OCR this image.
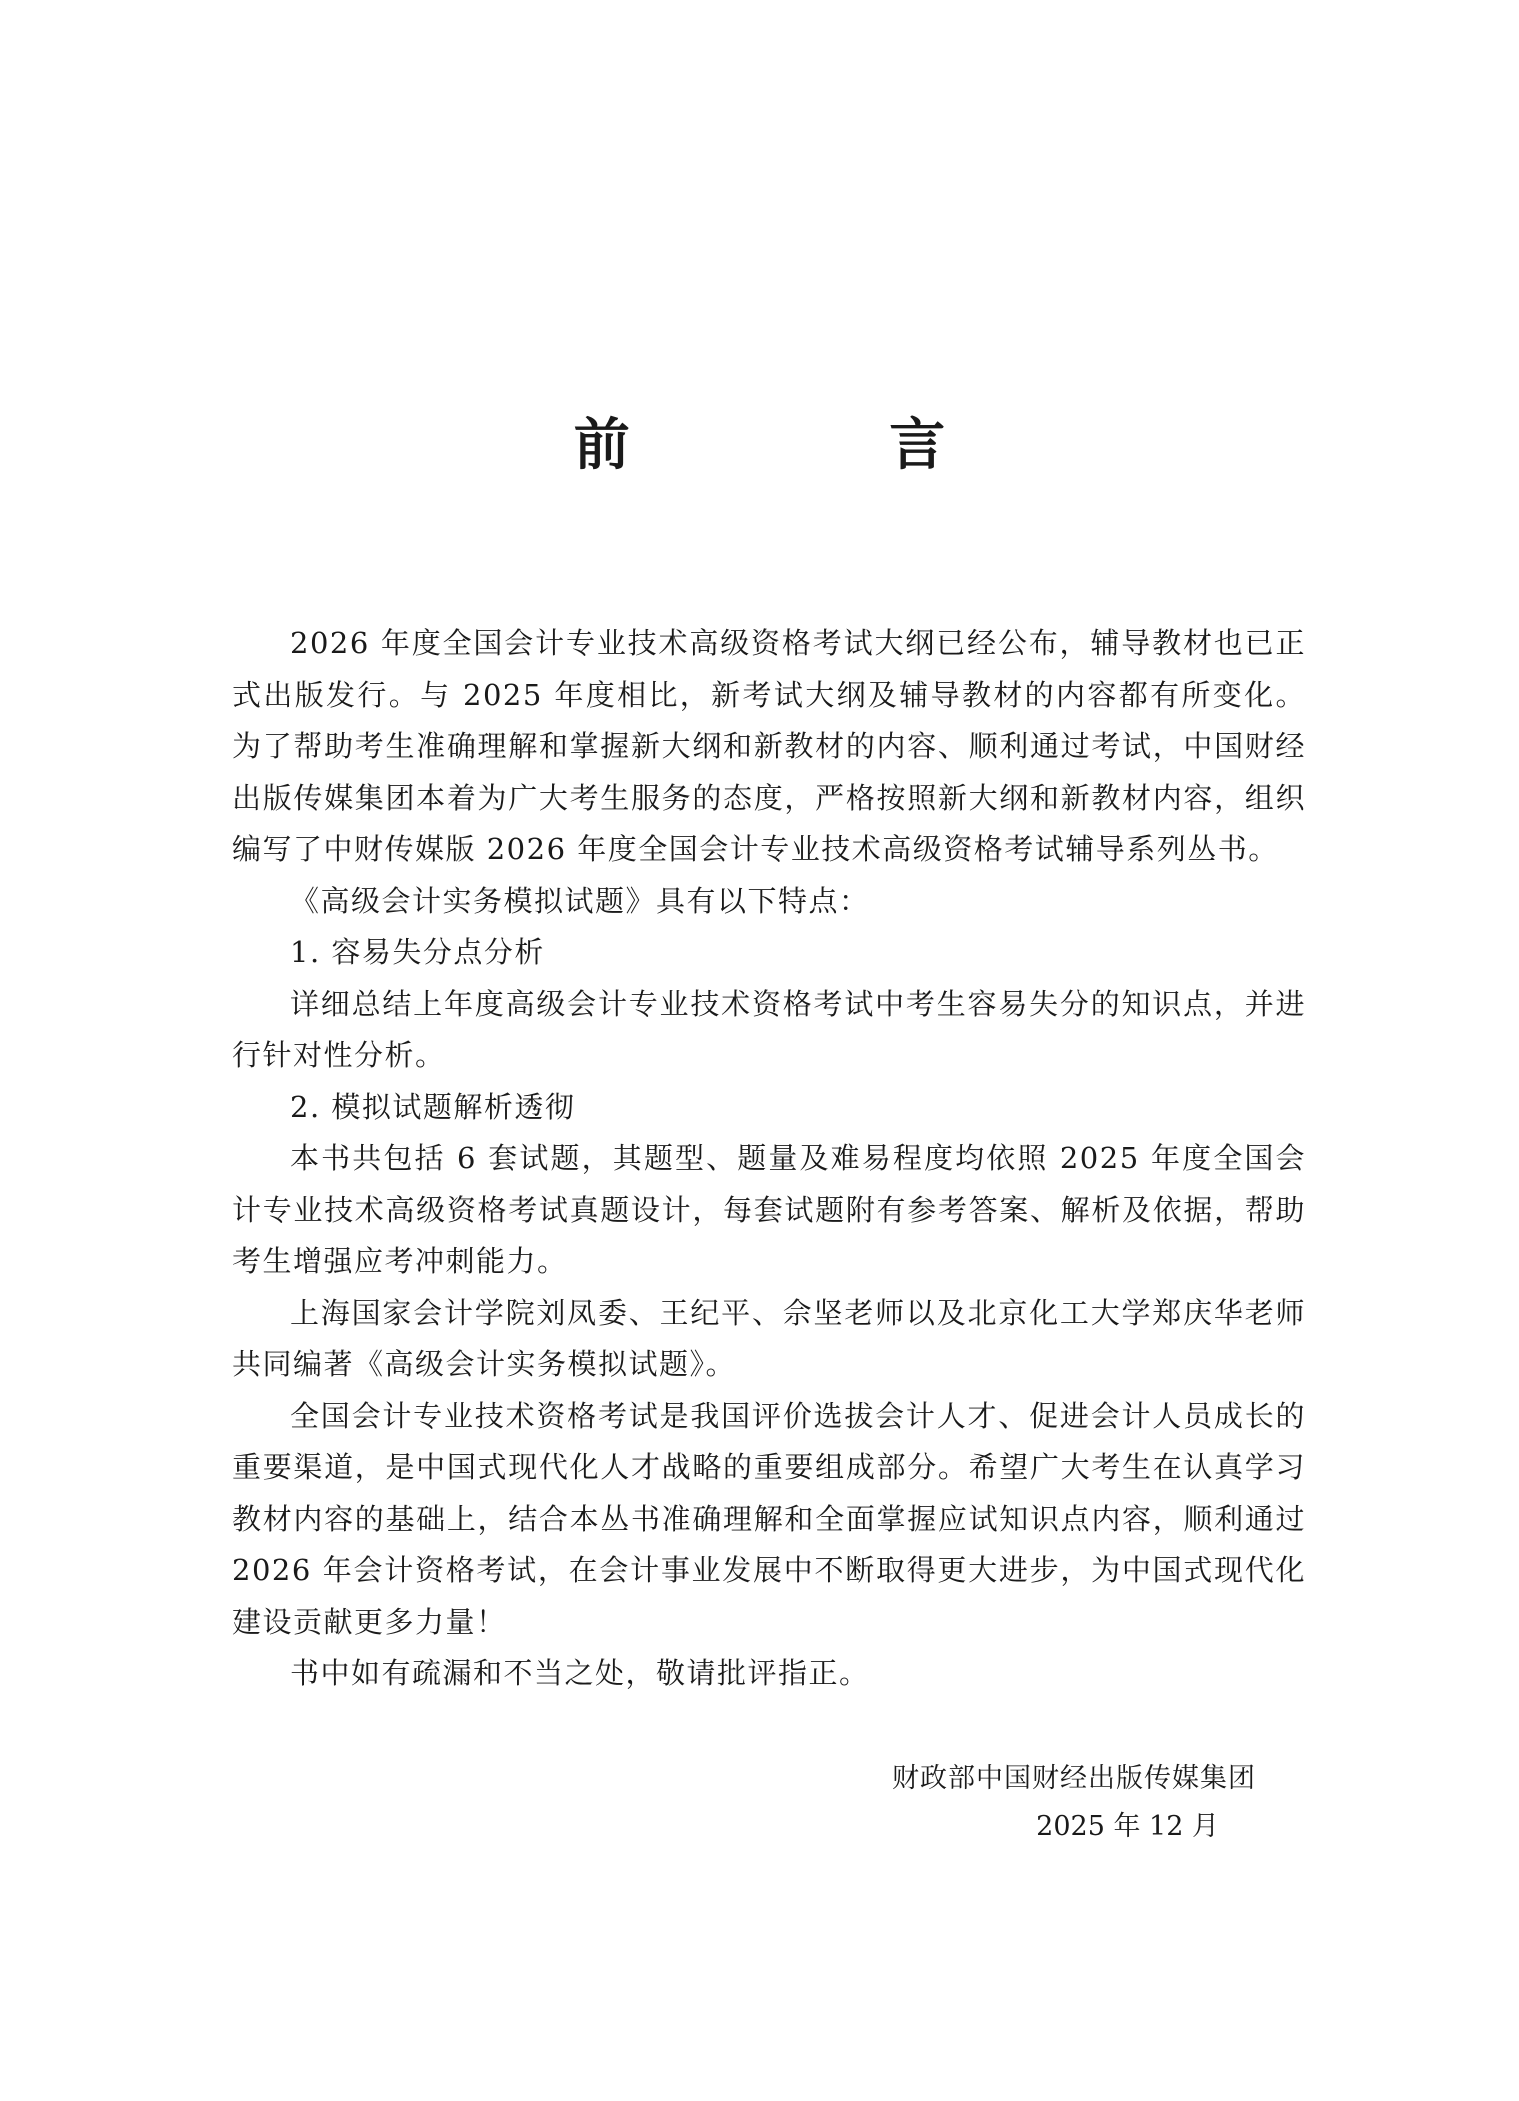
前 言

2026 年度全国会计专业技术高级资格考试大纲已经公布，辅导教材也已正式出版发行。与 2025 年度相比，新考试大纲及辅导教材的内容都有所变化。为了帮助考生准确理解和掌握新大纲和新教材的内容、顺利通过考试，中国财经出版传媒集团本着为广大考生服务的态度，严格按照新大纲和新教材内容，组织编写了中财传媒版 2026 年度全国会计专业技术高级资格考试辅导系列丛书。

《高级会计实务模拟试题》具有以下特点：

1. 容易失分点分析

详细总结上年度高级会计专业技术资格考试中考生容易失分的知识点，并进行针对性分析。

2. 模拟试题解析透彻

本书共包括 6 套试题，其题型、题量及难易程度均依照 2025 年度全国会计专业技术高级资格考试真题设计，每套试题附有参考答案、解析及依据，帮助考生增强应考冲刺能力。

上海国家会计学院刘凤委、王纪平、佘坚老师以及北京化工大学郑庆华老师共同编著《高级会计实务模拟试题》。

全国会计专业技术资格考试是我国评价选拔会计人才、促进会计人员成长的重要渠道，是中国式现代化人才战略的重要组成部分。希望广大考生在认真学习教材内容的基础上，结合本丛书准确理解和全面掌握应试知识点内容，顺利通过 2026 年会计资格考试，在会计事业发展中不断取得更大进步，为中国式现代化建设贡献更多力量！

书中如有疏漏和不当之处，敬请批评指正。

财政部中国财经出版传媒集团
2025 年 12 月
